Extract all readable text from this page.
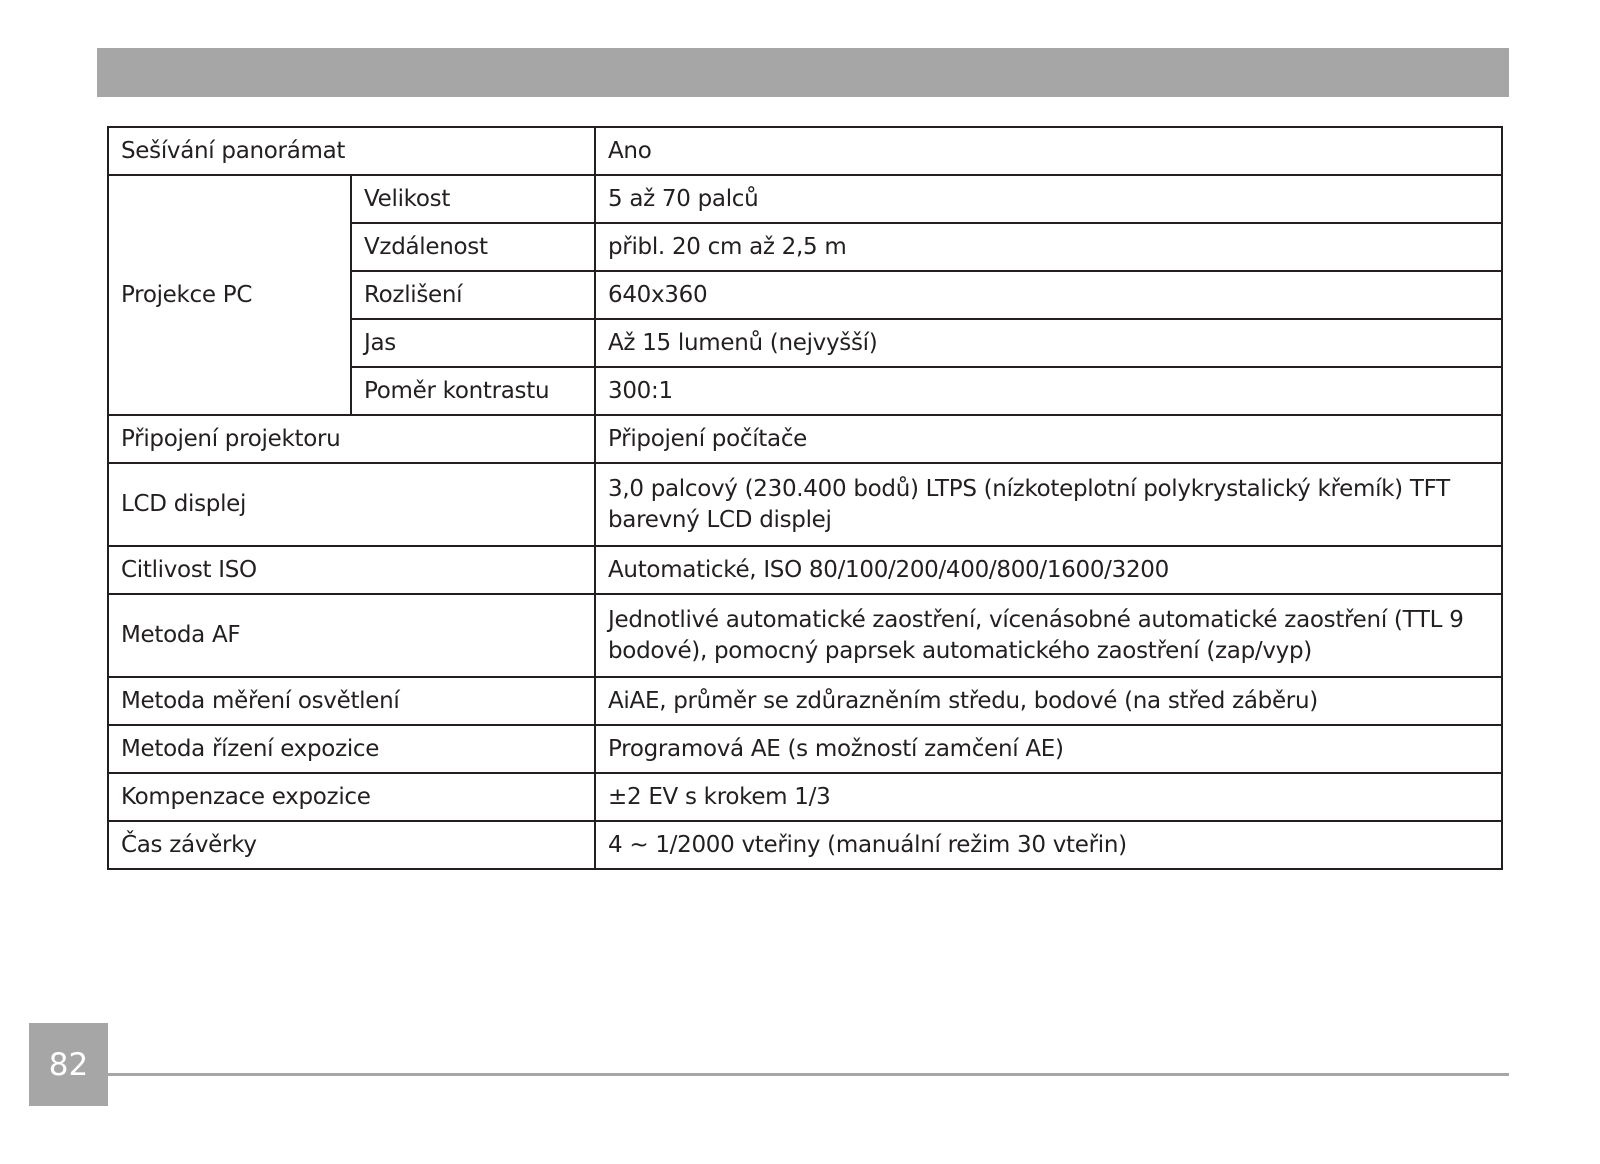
Sešívání panorámat		Ano
Projekce PC	Velikost	5 až 70 palců
	Vzdálenost	přibl. 20 cm až 2,5 m
	Rozlišení	640x360
	Jas	Až 15 lumenů (nejvyšší)
	Poměr kontrastu	300:1
Připojení projektoru		Připojení počítače
LCD displej		3,0 palcový (230.400 bodů) LTPS (nízkoteplotní polykrystalický křemík) TFT barevný LCD displej
Citlivost ISO		Automatické, ISO 80/100/200/400/800/1600/3200
Metoda AF		Jednotlivé automatické zaostření, vícenásobné automatické zaostření (TTL 9 bodové), pomocný paprsek automatického zaostření (zap/vyp)
Metoda měření osvětlení		AiAE, průměr se zdůrazněním středu, bodové (na střed záběru)
Metoda řízení expozice		Programová AE (s možností zamčení AE)
Kompenzace expozice		±2 EV s krokem 1/3
Čas závěrky		4 ~ 1/2000 vteřiny (manuální režim 30 vteřin)
82
